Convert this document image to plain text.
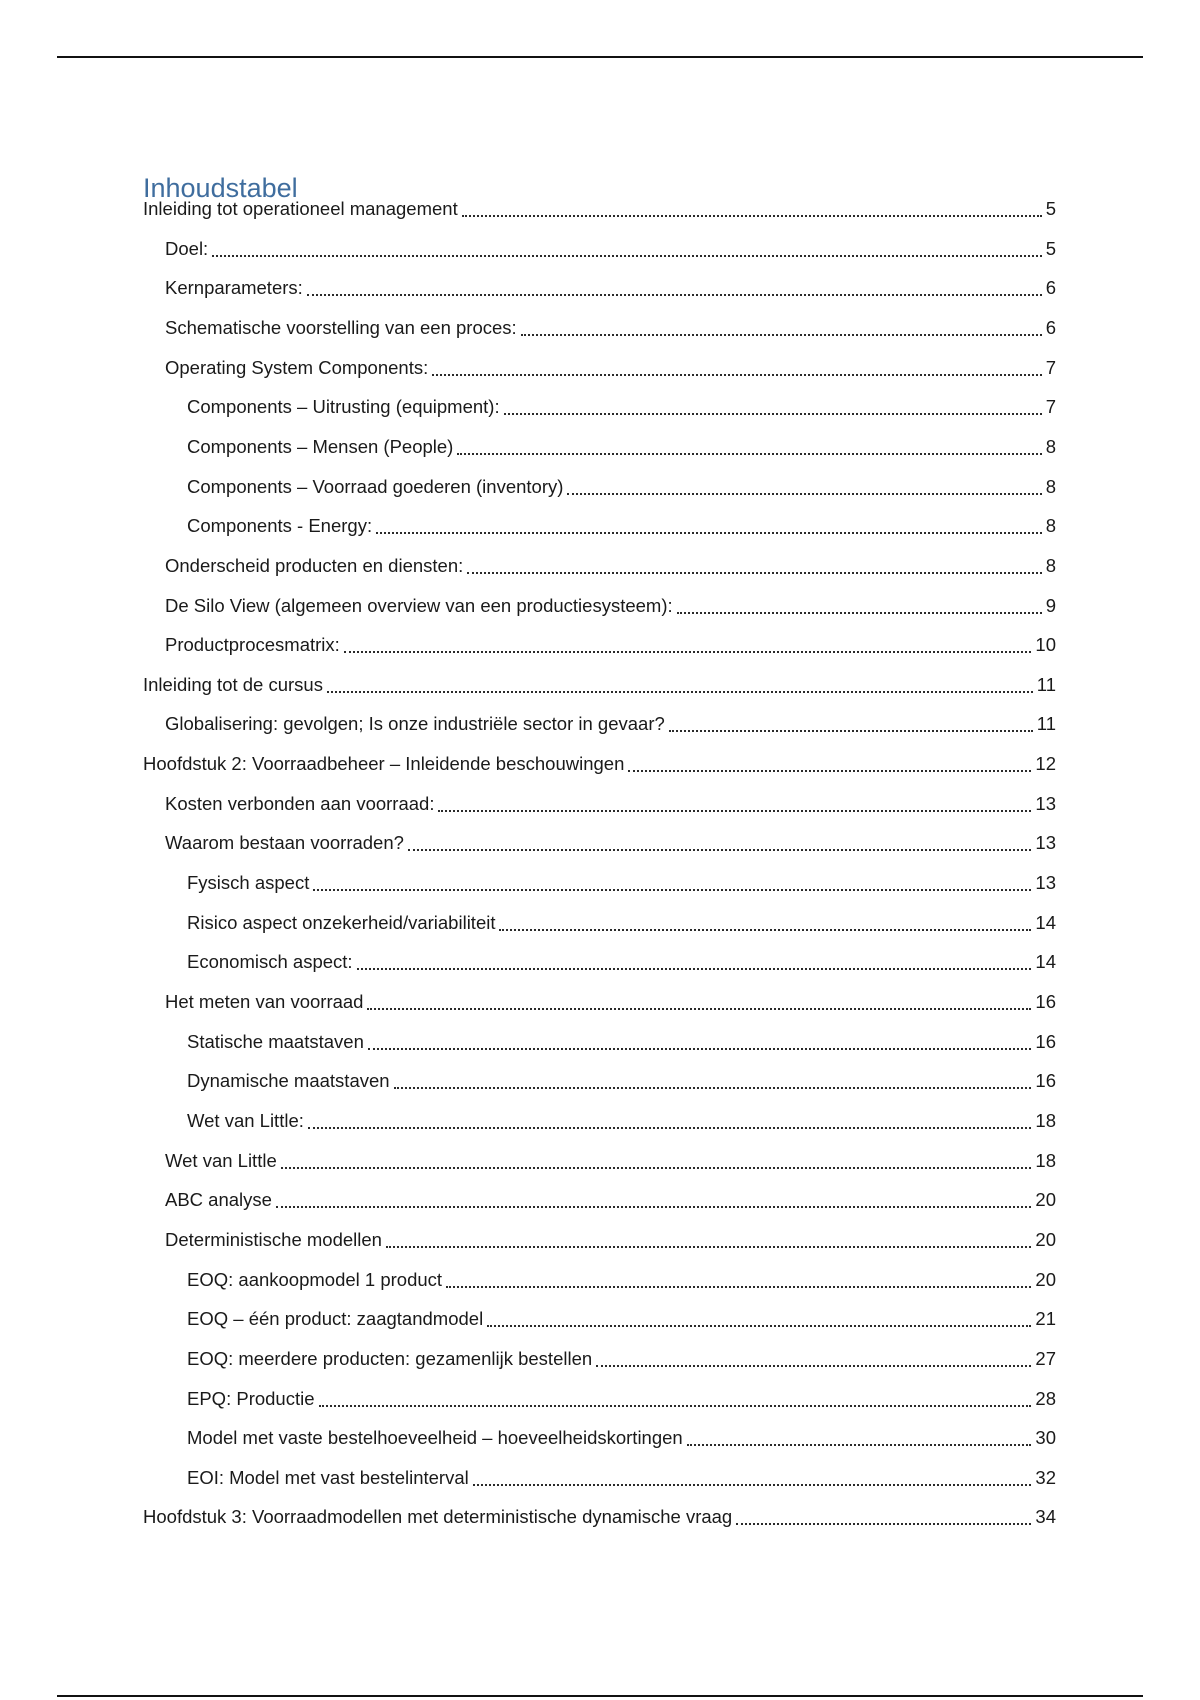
Inhoudstabel
Inleiding tot operationeel management	5
Doel:	5
Kernparameters:	6
Schematische voorstelling van een proces:	6
Operating System Components:	7
Components – Uitrusting (equipment):	7
Components – Mensen (People)	8
Components – Voorraad goederen (inventory)	8
Components - Energy:	8
Onderscheid producten en diensten:	8
De Silo View (algemeen overview van een productiesysteem):	9
Productprocesmatrix:	10
Inleiding tot de cursus	11
Globalisering: gevolgen; Is onze industriële sector in gevaar?	11
Hoofdstuk 2: Voorraadbeheer – Inleidende beschouwingen	12
Kosten verbonden aan voorraad:	13
Waarom bestaan voorraden?	13
Fysisch aspect	13
Risico aspect onzekerheid/variabiliteit	14
Economisch aspect:	14
Het meten van voorraad	16
Statische maatstaven	16
Dynamische maatstaven	16
Wet van Little:	18
Wet van Little	18
ABC analyse	20
Deterministische modellen	20
EOQ: aankoopmodel 1 product	20
EOQ – één product: zaagtandmodel	21
EOQ: meerdere producten: gezamenlijk bestellen	27
EPQ: Productie	28
Model met vaste bestelhoeveelheid – hoeveelheidskortingen	30
EOI: Model met vast bestelinterval	32
Hoofdstuk 3: Voorraadmodellen met deterministische dynamische vraag	34
